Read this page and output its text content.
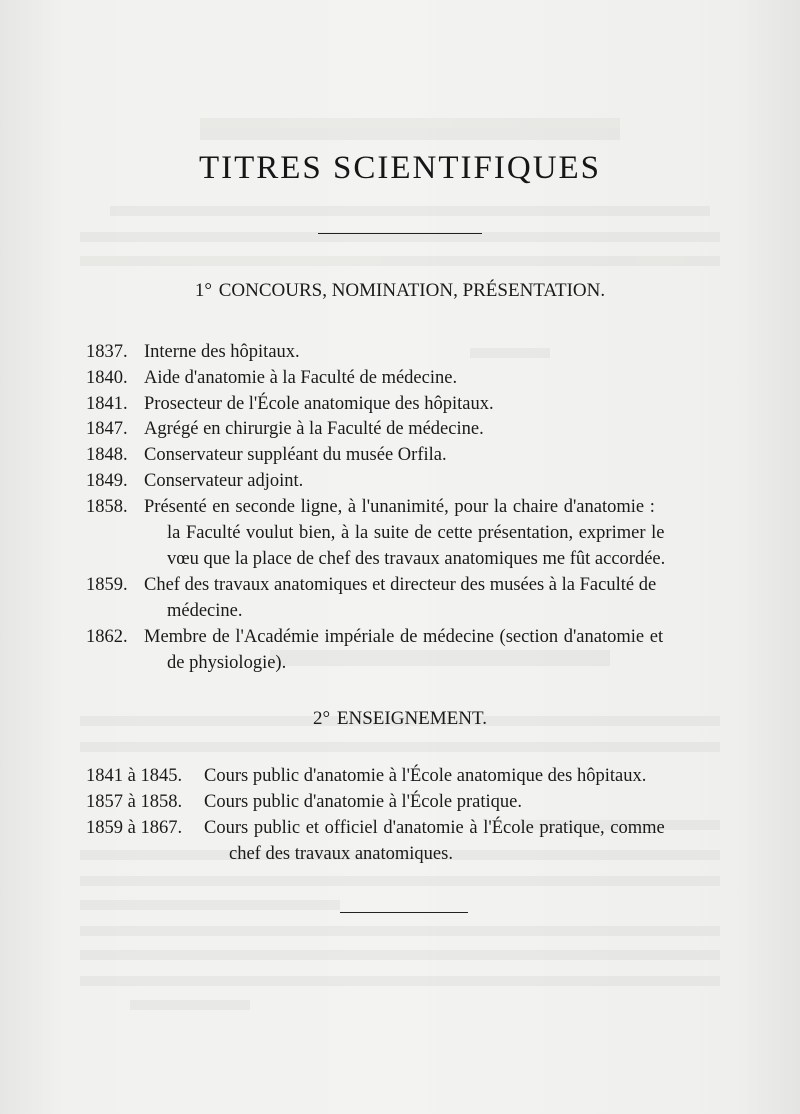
TITRES SCIENTIFIQUES
1° CONCOURS, NOMINATION, PRÉSENTATION.
1837. Interne des hôpitaux.
1840. Aide d'anatomie à la Faculté de médecine.
1841. Prosecteur de l'École anatomique des hôpitaux.
1847. Agrégé en chirurgie à la Faculté de médecine.
1848. Conservateur suppléant du musée Orfila.
1849. Conservateur adjoint.
1858. Présenté en seconde ligne, à l'unanimité, pour la chaire d'anatomie :
la Faculté voulut bien, à la suite de cette présentation, exprimer le
vœu que la place de chef des travaux anatomiques me fût accordée.
1859. Chef des travaux anatomiques et directeur des musées à la Faculté de
médecine.
1862. Membre de l'Académie impériale de médecine (section d'anatomie et
de physiologie).
2° ENSEIGNEMENT.
1841 à 1845. Cours public d'anatomie à l'École anatomique des hôpitaux.
1857 à 1858. Cours public d'anatomie à l'École pratique.
1859 à 1867. Cours public et officiel d'anatomie à l'École pratique, comme
chef des travaux anatomiques.
